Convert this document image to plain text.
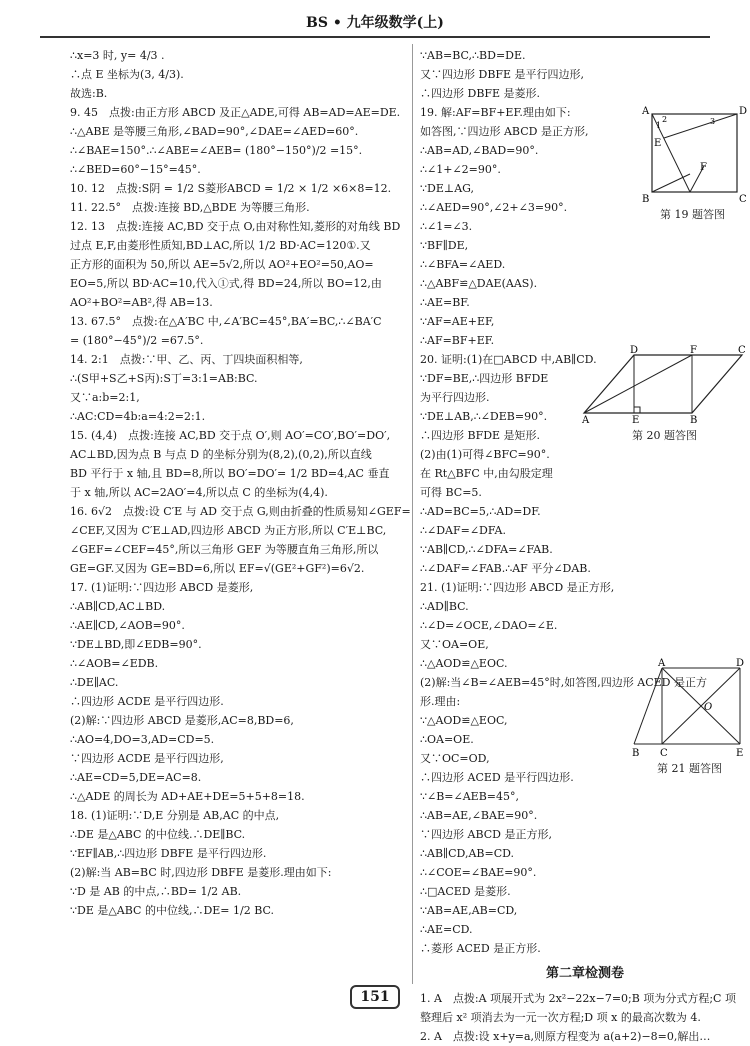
BS • 九年级数学(上)

∴x=3 时, y= 4/3 .

∴点 E 坐标为(3, 4/3).

故选:B.

9. 45　点拨:由正方形 ABCD 及正△ADE,可得 AB=AD=AE=DE.

∴△ABE 是等腰三角形,∠BAD=90°,∠DAE=∠AED=60°.

∴∠BAE=150°.∴∠ABE=∠AEB= (180°−150°)/2 =15°.

∴∠BED=60°−15°=45°.

10. 12　点拨:S阴 = 1/2 S菱形ABCD = 1/2 × 1/2 ×6×8=12.

11. 22.5°　点拨:连接 BD,△BDE 为等腰三角形.

12. 13　点拨:连接 AC,BD 交于点 O,由对称性知,菱形的对角线 BD

过点 E,F,由菱形性质知,BD⊥AC,所以 1/2 BD·AC=120①.又

正方形的面积为 50,所以 AE=5√2,所以 AO²+EO²=50,AO=

EO=5,所以 BD·AC=10,代入①式,得 BD=24,所以 BO=12,由

AO²+BO²=AB²,得 AB=13.

13. 67.5°　点拨:在△A′BC 中,∠A′BC=45°,BA′=BC,∴∠BA′C

= (180°−45°)/2 =67.5°.

14. 2:1　点拨:∵甲、乙、丙、丁四块面积相等,

∴(S甲+S乙+S丙):S丁=3:1=AB:BC.

又∵a:b=2:1,

∴AC:CD=4b:a=4:2=2:1.

15. (4,4)　点拨:连接 AC,BD 交于点 O′,则 AO′=CO′,BO′=DO′,

AC⊥BD,因为点 B 与点 D 的坐标分别为(8,2),(0,2),所以直线

BD 平行于 x 轴,且 BD=8,所以 BO′=DO′= 1/2 BD=4,AC 垂直

于 x 轴,所以 AC=2AO′=4,所以点 C 的坐标为(4,4).

16. 6√2　点拨:设 C′E 与 AD 交于点 G,则由折叠的性质易知∠GEF=

∠CEF,又因为 C′E⊥AD,四边形 ABCD 为正方形,所以 C′E⊥BC,

∠GEF=∠CEF=45°,所以三角形 GEF 为等腰直角三角形,所以

GE=GF.又因为 GE=BD=6,所以 EF=√(GE²+GF²)=6√2.

17. (1)证明:∵四边形 ABCD 是菱形,

∴AB∥CD,AC⊥BD.

∴AE∥CD,∠AOB=90°.

∵DE⊥BD,即∠EDB=90°.

∴∠AOB=∠EDB.

∴DE∥AC.

∴四边形 ACDE 是平行四边形.

(2)解:∵四边形 ABCD 是菱形,AC=8,BD=6,

∴AO=4,DO=3,AD=CD=5.

∵四边形 ACDE 是平行四边形,

∴AE=CD=5,DE=AC=8.

∴△ADE 的周长为 AD+AE+DE=5+5+8=18.

18. (1)证明:∵D,E 分别是 AB,AC 的中点,

∴DE 是△ABC 的中位线.∴DE∥BC.

∵EF∥AB,∴四边形 DBFE 是平行四边形.

(2)解:当 AB=BC 时,四边形 DBFE 是菱形.理由如下:

∵D 是 AB 的中点,∴BD= 1/2 AB.

∵DE 是△ABC 的中位线,∴DE= 1/2 BC.

∵AB=BC,∴BD=DE.

又∵四边形 DBFE 是平行四边形,

∴四边形 DBFE 是菱形.

19. 解:AF=BF+EF.理由如下:

如答图,∵四边形 ABCD 是正方形,

∴AB=AD,∠BAD=90°.

∴∠1+∠2=90°.

∵DE⊥AG,

∴∠AED=90°,∠2+∠3=90°.

∴∠1=∠3.

∵BF∥DE,

∴∠BFA=∠AED.

∴△ABF≌△DAE(AAS).

∴AE=BF.

∵AF=AE+EF,

∴AF=BF+EF.

20. 证明:(1)在□ABCD 中,AB∥CD.

∵DF=BE,∴四边形 BFDE

为平行四边形.

∵DE⊥AB,∴∠DEB=90°.

∴四边形 BFDE 是矩形.

(2)由(1)可得∠BFC=90°.

在 Rt△BFC 中,由勾股定理

可得 BC=5.

∴AD=BC=5,∴AD=DF.

∴∠DAF=∠DFA.

∵AB∥CD,∴∠DFA=∠FAB.

∴∠DAF=∠FAB.∴AF 平分∠DAB.

21. (1)证明:∵四边形 ABCD 是正方形,

∴AD∥BC.

∴∠D=∠OCE,∠DAO=∠E.

又∵OA=OE,

∴△AOD≌△EOC.

(2)解:当∠B=∠AEB=45°时,如答图,四边形 ACED 是正方

形.理由:

∵△AOD≌△EOC,

∴OA=OE.

又∵OC=OD,

∴四边形 ACED 是平行四边形.

∵∠B=∠AEB=45°,

∴AB=AE,∠BAE=90°.

∵四边形 ABCD 是正方形,

∴AB∥CD,AB=CD.

∴∠COE=∠BAE=90°.

∴□ACED 是菱形.

∵AB=AE,AB=CD,

∴AE=CD.

∴菱形 ACED 是正方形.

第二章检测卷

1. A　点拨:A 项展开式为 2x²−22x−7=0;B 项为分式方程;C 项

整理后 x² 项消去为一元一次方程;D 项 x 的最高次数为 4.

2. A　点拨:设 x+y=a,则原方程变为 a(a+2)−8=0,解出…

A	D
B	C
E
F
1
2	3
第 19 题答图
D	F	C
A	E	B
第 20 题答图
A	D
B C	E
O
第 21 题答图
151
